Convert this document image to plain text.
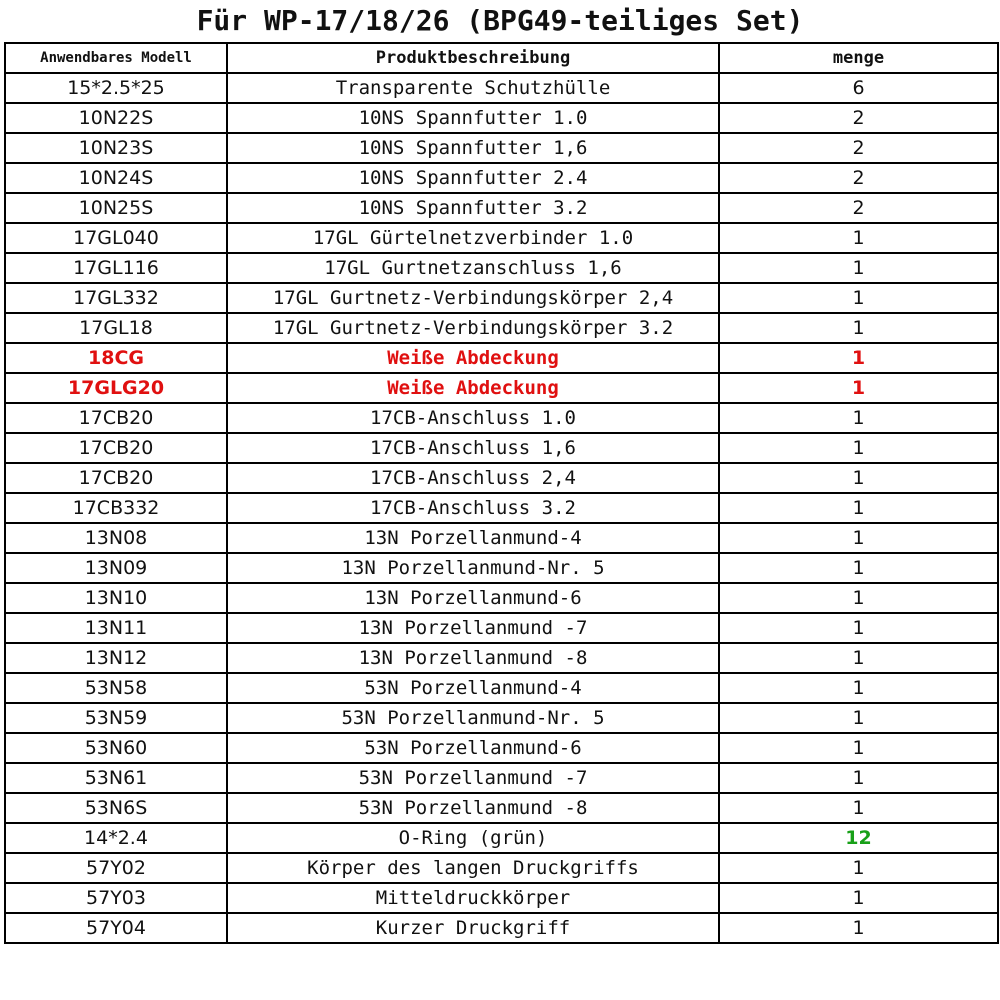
Für WP-17/18/26 (BPG49-teiliges Set)
Anwendbares Modell	Produktbeschreibung	menge
15*2.5*25	Transparente Schutzhülle	6
10N22S	10NS Spannfutter 1.0	2
10N23S	10NS Spannfutter 1,6	2
10N24S	10NS Spannfutter 2.4	2
10N25S	10NS Spannfutter 3.2	2
17GL040	17GL Gürtelnetzverbinder 1.0	1
17GL116	17GL Gurtnetzanschluss 1,6	1
17GL332	17GL Gurtnetz-Verbindungskörper 2,4	1
17GL18	17GL Gurtnetz-Verbindungskörper 3.2	1
18CG	Weiße Abdeckung	1
17GLG20	Weiße Abdeckung	1
17CB20	17CB-Anschluss 1.0	1
17CB20	17CB-Anschluss 1,6	1
17CB20	17CB-Anschluss 2,4	1
17CB332	17CB-Anschluss 3.2	1
13N08	13N Porzellanmund-4	1
13N09	13N Porzellanmund-Nr. 5	1
13N10	13N Porzellanmund-6	1
13N11	13N Porzellanmund -7	1
13N12	13N Porzellanmund -8	1
53N58	53N Porzellanmund-4	1
53N59	53N Porzellanmund-Nr. 5	1
53N60	53N Porzellanmund-6	1
53N61	53N Porzellanmund -7	1
53N6S	53N Porzellanmund -8	1
14*2.4	O-Ring (grün)	12
57Y02	Körper des langen Druckgriffs	1
57Y03	Mitteldruckkörper	1
57Y04	Kurzer Druckgriff	1
